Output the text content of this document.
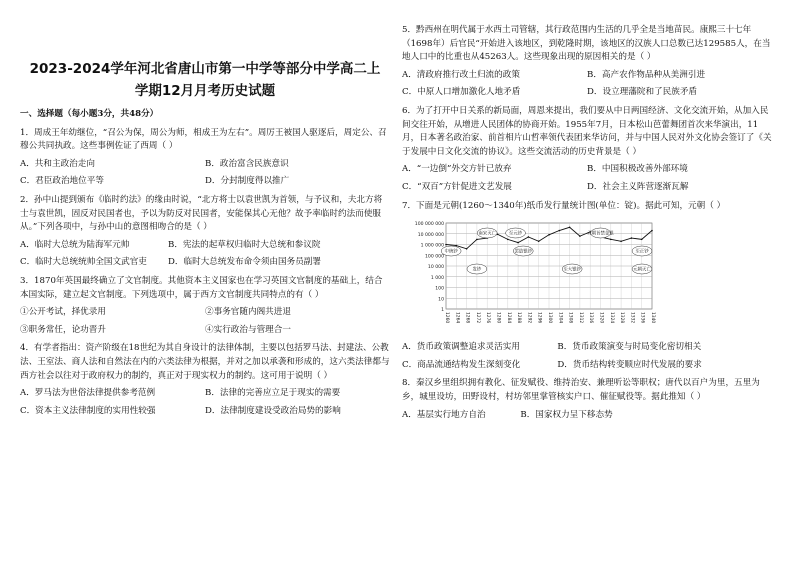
2023-2024学年河北省唐山市第一中学等部分中学高二上
学期12月月考历史试题
一、选择题（每小题3分，共48分）

1．周成王年幼继位，“召公为保，周公为师，相成王为左右”。周厉王被国人驱逐后，周定公、召穆公共同执政。这些事例佐证了西周（ ）

A．共和主政治走向	B．政治富含民族意识
C．君臣政治地位平等	D．分封制度得以推广

2．孙中山提到颁布《临时约法》的缘由时说，“北方将士以袁世凯为首领，与予议和，夫北方将士与袁世凯，固反对民国者也，予以为防反对民国者，安能保其心无他？故予率临时约法而使服从。”下列各项中，与孙中山的意图相吻合的是（ ）

A．临时大总统为陆海军元帅	B．宪法的起草权归临时大总统和参议院
C．临时大总统统帅全国文武官吏	D．临时大总统发布命令须由国务员副署

3．1870年英国最终确立了文官制度。其他资本主义国家也在学习英国文官制度的基础上，结合本国实际，建立起文官制度。下列选项中，属于西方文官制度共同特点的有（ ）

①公开考试，择优录用	②事务官随内阁共进退
③职务常任，论功晋升	④实行政治与管理合一

4．有学者指出：资产阶级在18世纪为其自身设计的法律体制，主要以包括罗马法、封建法、公教法、王室法、商人法和自然法在内的六类法律为根据，并对之加以承袭和形成的，这六类法律都与西方社会以往对于政府权力的制约，真正对于现实权力的制约。这可用于说明（ ）

A．罗马法为世俗法律提供参考范例	B．法律的完善应立足于现实的需要
C．资本主义法律制度的实用性较强	D．法律制度建设受政治局势的影响

5．黔西州在明代属于水西土司管辖，其行政范围内生活的几乎全是当地苗民。康熙三十七年（1698年）后官民“开始进入该地区，到乾隆时期，该地区的汉族人口总数已达129585人，在当地人口中的比重也从45263人。这些现象出现的原因相关的是（ ）

A．清政府推行改土归流的政策	B．高产农作物品种从美洲引进
C．中原人口增加激化人地矛盾	D．设立理藩院和了民族矛盾

6．为了打开中日关系的新局面，周恩来提出，我们要从中日两国经济、文化交流开始，从加入民间交往开始，从增进人民团体的协商开始。1955年7月，日本松山芭蕾舞团首次来华演出，11月，日本著名政治家、前首相片山哲率领代表团来华访问，并与中国人民对外文化协会签订了《关于发展中日文化交流的协议》。这些交流活动的历史背景是（ ）

A．“一边倒”外交方针已放弃	B．中国积极改善外部环境
C．“双百”方针促进文艺发展	D．社会主义阵营逐渐瓦解

7．下面是元朝(1260～1340年)纸币发行量统计图(单位：锭)。据此可知，元朝（ ）

100 000 000
10 000 000
1 000 000
100 000
10 000
1 000
100
10
1
1260 1264 1268 1272 1276 1280 1284 1288 1292 1296 1300 1304 1308 1312 1316 1320 1324 1328 1332 1336 1340
至元钞
中统钞
发钞
南宋灭亡
罢造银钞
至大银钞
元朝旨禁金银
至正钞
元朝灭亡
A．货币政策调整追求灵活实用	B．货币政策演变与时局变化密切相关
C．商品流通结构发生深刻变化	D．货币结构转变顺应时代发展的要求

8．秦汉乡里组织拥有教化、征发赋役、维持治安、兼理听讼等职权；唐代以百户为里，五里为乡，城里设坊，田野设村，村坊邻里掌管核实户口、催征赋役等。据此推知（ ）

A．基层实行地方自治	B．国家权力呈下移态势
